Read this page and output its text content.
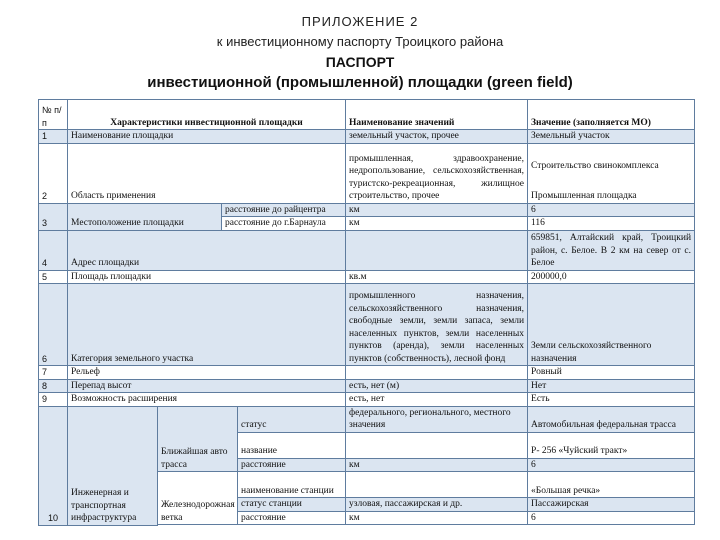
ПРИЛОЖЕНИЕ 2
к инвестиционному паспорту Троицкого района
ПАСПОРТ
инвестиционной (промышленной) площадки (green field)
№ п/п	Характеристики инвестиционной площадки				Наименование значений	Значение (заполняется МО)
1	Наименование площадки				земельный участок, прочее	Земельный участок
2	Область применения				промышленная, здравоохранение, недропользование, сельскохозяйственная, туристско-рекреационная, жилищное строительство, прочее	Строительство свинокомплекса
Промышленная площадка

3	Местоположение площадки		расстояние до райцентра		км	6
			расстояние до г.Барнаула		км	116
4	Адрес площадки					659851, Алтайский край, Троицкий район, с. Белое. В 2 км на север от с. Белое
5	Площадь площадки				кв.м	200000,0
6	Категория земельного участка				промышленного назначения, сельскохозяйственного назначения, свободные земли, земли запаса, земли населенных пунктов, земли населенных пунктов (аренда), земли населенных пунктов (собственность), лесной фонд	Земли сельскохозяйственного назначения
7	Рельеф					Ровный
8	Перепад высот				есть, нет (м)	Нет
9	Возможность расширения				есть, нет	Есть
10	Инженерная и транспортная инфраструктура	Ближайшая авто трасса		статус	федерального, регионального, местного значения	Автомобильная федеральная трасса
				название		Р- 256 «Чуйский тракт»
				расстояние	км	6
		Железнодорожная ветка		наименование станции		«Большая речка»
				статус станции	узловая, пассажирская и др.	Пассажирская
				расстояние	км	6
